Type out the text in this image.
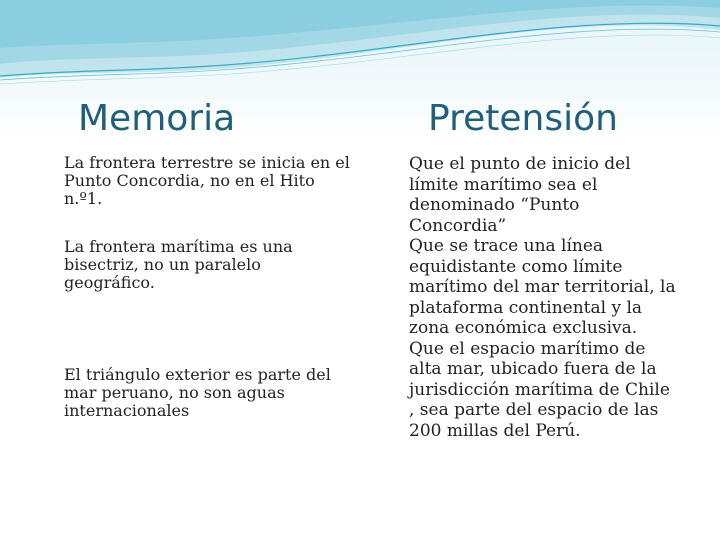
Memoria	Pretensión
La frontera terrestre se inicia en el Punto Concordia, no en el Hito n.º1.
La frontera marítima es una bisectriz, no un paralelo geográfico.
El triángulo exterior es parte del mar peruano, no son aguas internacionales
Que el punto de inicio del límite marítimo sea el denominado “Punto Concordia”
Que se trace una línea equidistante como límite marítimo del mar territorial, la plataforma continental y la zona económica exclusiva.
Que el espacio marítimo de alta mar, ubicado fuera de la jurisdicción marítima de Chile , sea parte del espacio de las 200 millas del Perú.
